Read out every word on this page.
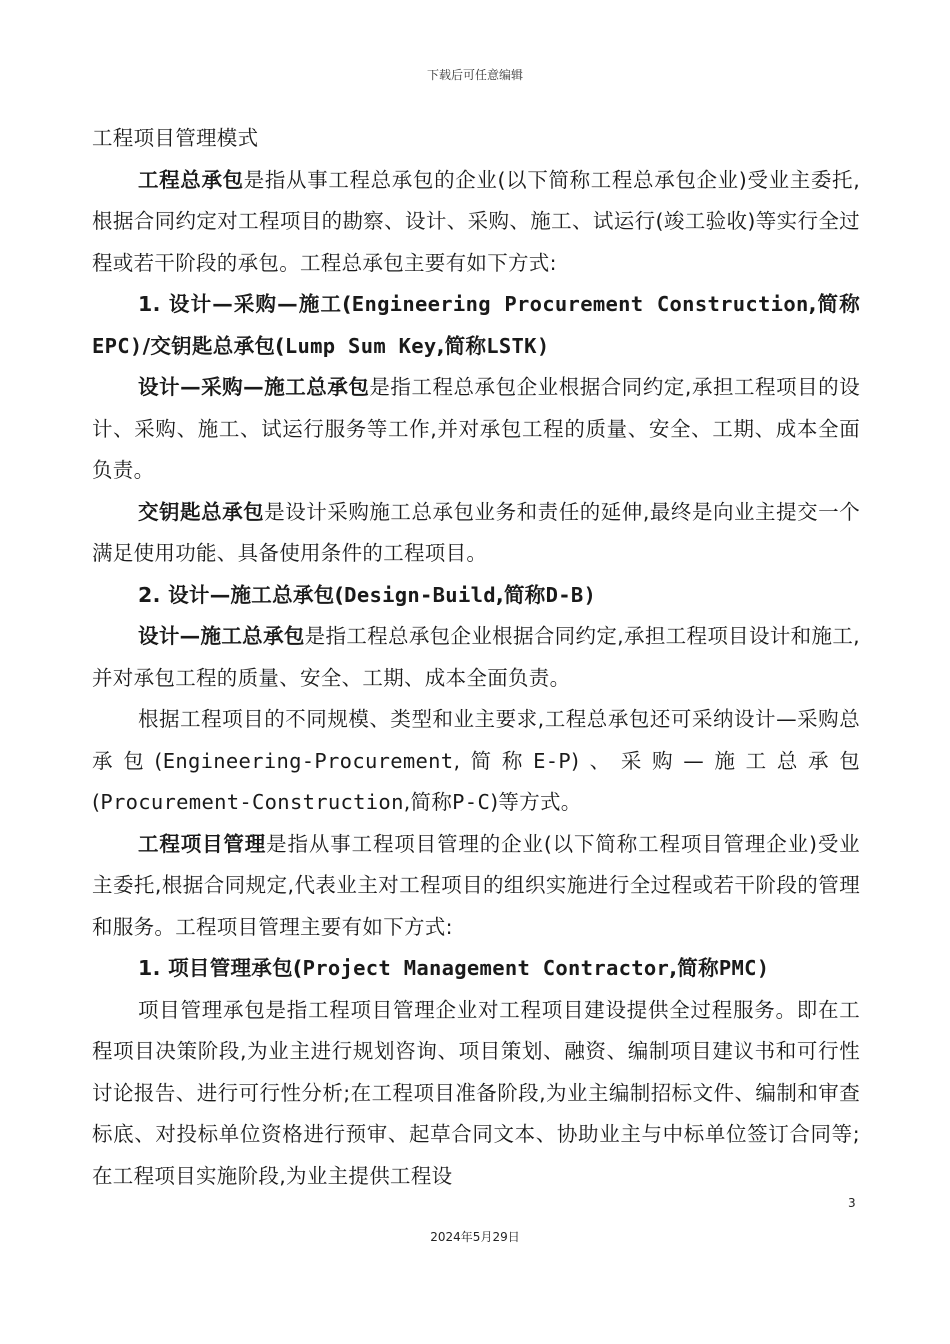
下载后可任意编辑

工程项目管理模式

工程总承包是指从事工程总承包的企业(以下简称工程总承包企业)受业主委托,根据合同约定对工程项目的勘察、设计、采购、施工、试运行(竣工验收)等实行全过程或若干阶段的承包。工程总承包主要有如下方式:

1. 设计—采购—施工(Engineering Procurement Construction,简称EPC)/交钥匙总承包(Lump Sum Key,简称LSTK)

设计—采购—施工总承包是指工程总承包企业根据合同约定,承担工程项目的设计、采购、施工、试运行服务等工作,并对承包工程的质量、安全、工期、成本全面负责。

交钥匙总承包是设计采购施工总承包业务和责任的延伸,最终是向业主提交一个满足使用功能、具备使用条件的工程项目。

2. 设计—施工总承包(Design-Build,简称D-B)

设计—施工总承包是指工程总承包企业根据合同约定,承担工程项目设计和施工,并对承包工程的质量、安全、工期、成本全面负责。

根据工程项目的不同规模、类型和业主要求,工程总承包还可采纳设计—采购总承包(Engineering-Procurement,简称E-P)、采购—施工总承包(Procurement-Construction,简称P-C)等方式。

工程项目管理是指从事工程项目管理的企业(以下简称工程项目管理企业)受业主委托,根据合同规定,代表业主对工程项目的组织实施进行全过程或若干阶段的管理和服务。工程项目管理主要有如下方式:

1. 项目管理承包(Project Management Contractor,简称PMC)

项目管理承包是指工程项目管理企业对工程项目建设提供全过程服务。即在工程项目决策阶段,为业主进行规划咨询、项目策划、融资、编制项目建议书和可行性讨论报告、进行可行性分析;在工程项目准备阶段,为业主编制招标文件、编制和审查标底、对投标单位资格进行预审、起草合同文本、协助业主与中标单位签订合同等;在工程项目实施阶段,为业主提供工程设

3
2024年5月29日
